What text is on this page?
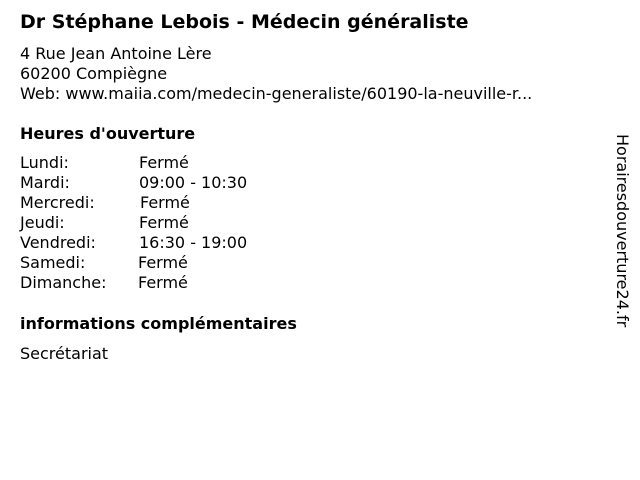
Dr Stéphane Lebois - Médecin généraliste
4 Rue Jean Antoine Lère
60200 Compiègne
Web: www.maiia.com/medecin-generaliste/60190-la-neuville-r...
Heures d'ouverture
Lundi:	Fermé
Mardi:	09:00 - 10:30
Mercredi:	Fermé
Jeudi:	Fermé
Vendredi:	16:30 - 19:00
Samedi:	Fermé
Dimanche: Fermé
informations complémentaires
Secrétariat
Horairesdouverture24.fr
